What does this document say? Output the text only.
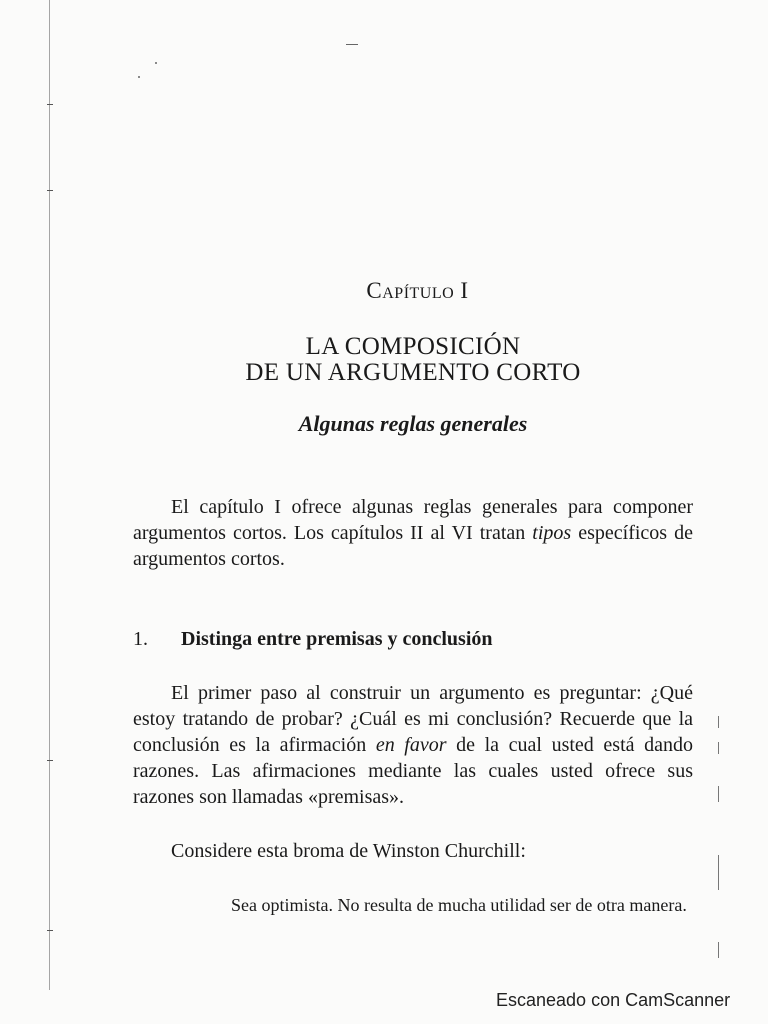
Capítulo I
LA COMPOSICIÓN
DE UN ARGUMENTO CORTO
Algunas reglas generales
El capítulo I ofrece algunas reglas generales para componer argumentos cortos. Los capítulos II al VI tratan tipos específicos de argumentos cortos.
1. Distinga entre premisas y conclusión
El primer paso al construir un argumento es preguntar: ¿Qué estoy tratando de probar? ¿Cuál es mi conclusión? Recuerde que la conclusión es la afirmación en favor de la cual usted está dando razones. Las afirmaciones mediante las cuales usted ofrece sus razones son llamadas «premisas».
Considere esta broma de Winston Churchill:
Sea optimista. No resulta de mucha utilidad ser de otra manera.
Escaneado con CamScanner
